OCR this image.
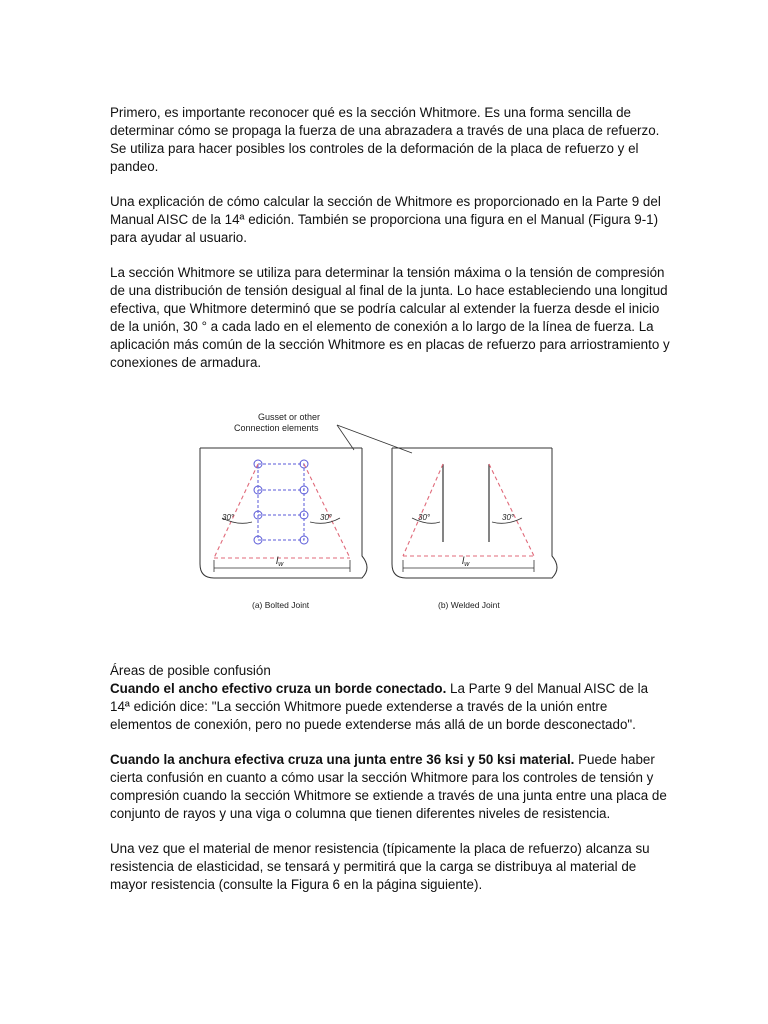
Primero, es importante reconocer qué es la sección Whitmore. Es una forma sencilla de determinar cómo se propaga la fuerza de una abrazadera a través de una placa de refuerzo. Se utiliza para hacer posibles los controles de la deformación de la placa de refuerzo y el pandeo.

Una explicación de cómo calcular la sección de Whitmore es proporcionado en la Parte 9 del Manual AISC de la 14ª edición. También se proporciona una figura en el Manual (Figura 9-1) para ayudar al usuario.

La sección Whitmore se utiliza para determinar la tensión máxima o la tensión de compresión de una distribución de tensión desigual al final de la junta. Lo hace estableciendo una longitud efectiva, que Whitmore determinó que se podría calcular al extender la fuerza desde el inicio de la unión, 30 ° a cada lado en el elemento de conexión a lo largo de la línea de fuerza. La aplicación más común de la sección Whitmore es en placas de refuerzo para arriostramiento y conexiones de armadura.

Gusset or other
Connection elements
30°	30°
$l_w$
30°	30°
$l_w$
(a) Bolted Joint	(b) Welded Joint

Áreas de posible confusión

Cuando el ancho efectivo cruza un borde conectado. La Parte 9 del Manual AISC de la 14ª edición dice: "La sección Whitmore puede extenderse a través de la unión entre elementos de conexión, pero no puede extenderse más allá de un borde desconectado".

Cuando la anchura efectiva cruza una junta entre 36 ksi y 50 ksi material. Puede haber cierta confusión en cuanto a cómo usar la sección Whitmore para los controles de tensión y compresión cuando la sección Whitmore se extiende a través de una junta entre una placa de conjunto de rayos y una viga o columna que tienen diferentes niveles de resistencia.

Una vez que el material de menor resistencia (típicamente la placa de refuerzo) alcanza su resistencia de elasticidad, se tensará y permitirá que la carga se distribuya al material de mayor resistencia (consulte la Figura 6 en la página siguiente).
